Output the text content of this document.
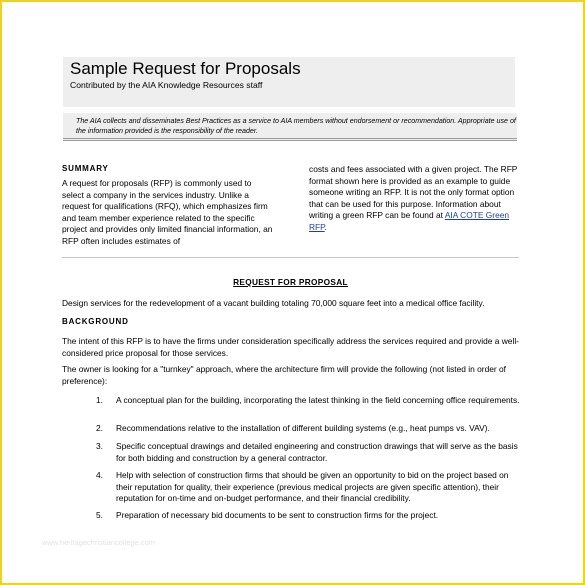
Sample Request for Proposals
Contributed by the AIA Knowledge Resources staff
The AIA collects and disseminates Best Practices as a service to AIA members without endorsement or recommendation. Appropriate use of the information provided is the responsibility of the reader.
SUMMARY
A request for proposals (RFP) is commonly used to select a company in the services industry. Unlike a request for qualifications (RFQ), which emphasizes firm and team member experience related to the specific project and provides only limited financial information, an RFP often includes estimates of
costs and fees associated with a given project. The RFP format shown here is provided as an example to guide someone writing an RFP. It is not the only format option that can be used for this purpose. Information about writing a green RFP can be found at AIA COTE Green RFP.
REQUEST FOR PROPOSAL
Design services for the redevelopment of a vacant building totaling 70,000 square feet into a medical office facility.
BACKGROUND
The intent of this RFP is to have the firms under consideration specifically address the services required and provide a well-considered price proposal for those services.
The owner is looking for a "turnkey" approach, where the architecture firm will provide the following (not listed in order of preference):
1.	A conceptual plan for the building, incorporating the latest thinking in the field concerning office requirements.
2.	Recommendations relative to the installation of different building systems (e.g., heat pumps vs. VAV).
3.	Specific conceptual drawings and detailed engineering and construction drawings that will serve as the basis for both bidding and construction by a general contractor.
4.	Help with selection of construction firms that should be given an opportunity to bid on the project based on their reputation for quality, their experience (previous medical projects are given specific attention), their reputation for on-time and on-budget performance, and their financial credibility.
5.	Preparation of necessary bid documents to be sent to construction firms for the project.
www.heritagechristiancollege.com
